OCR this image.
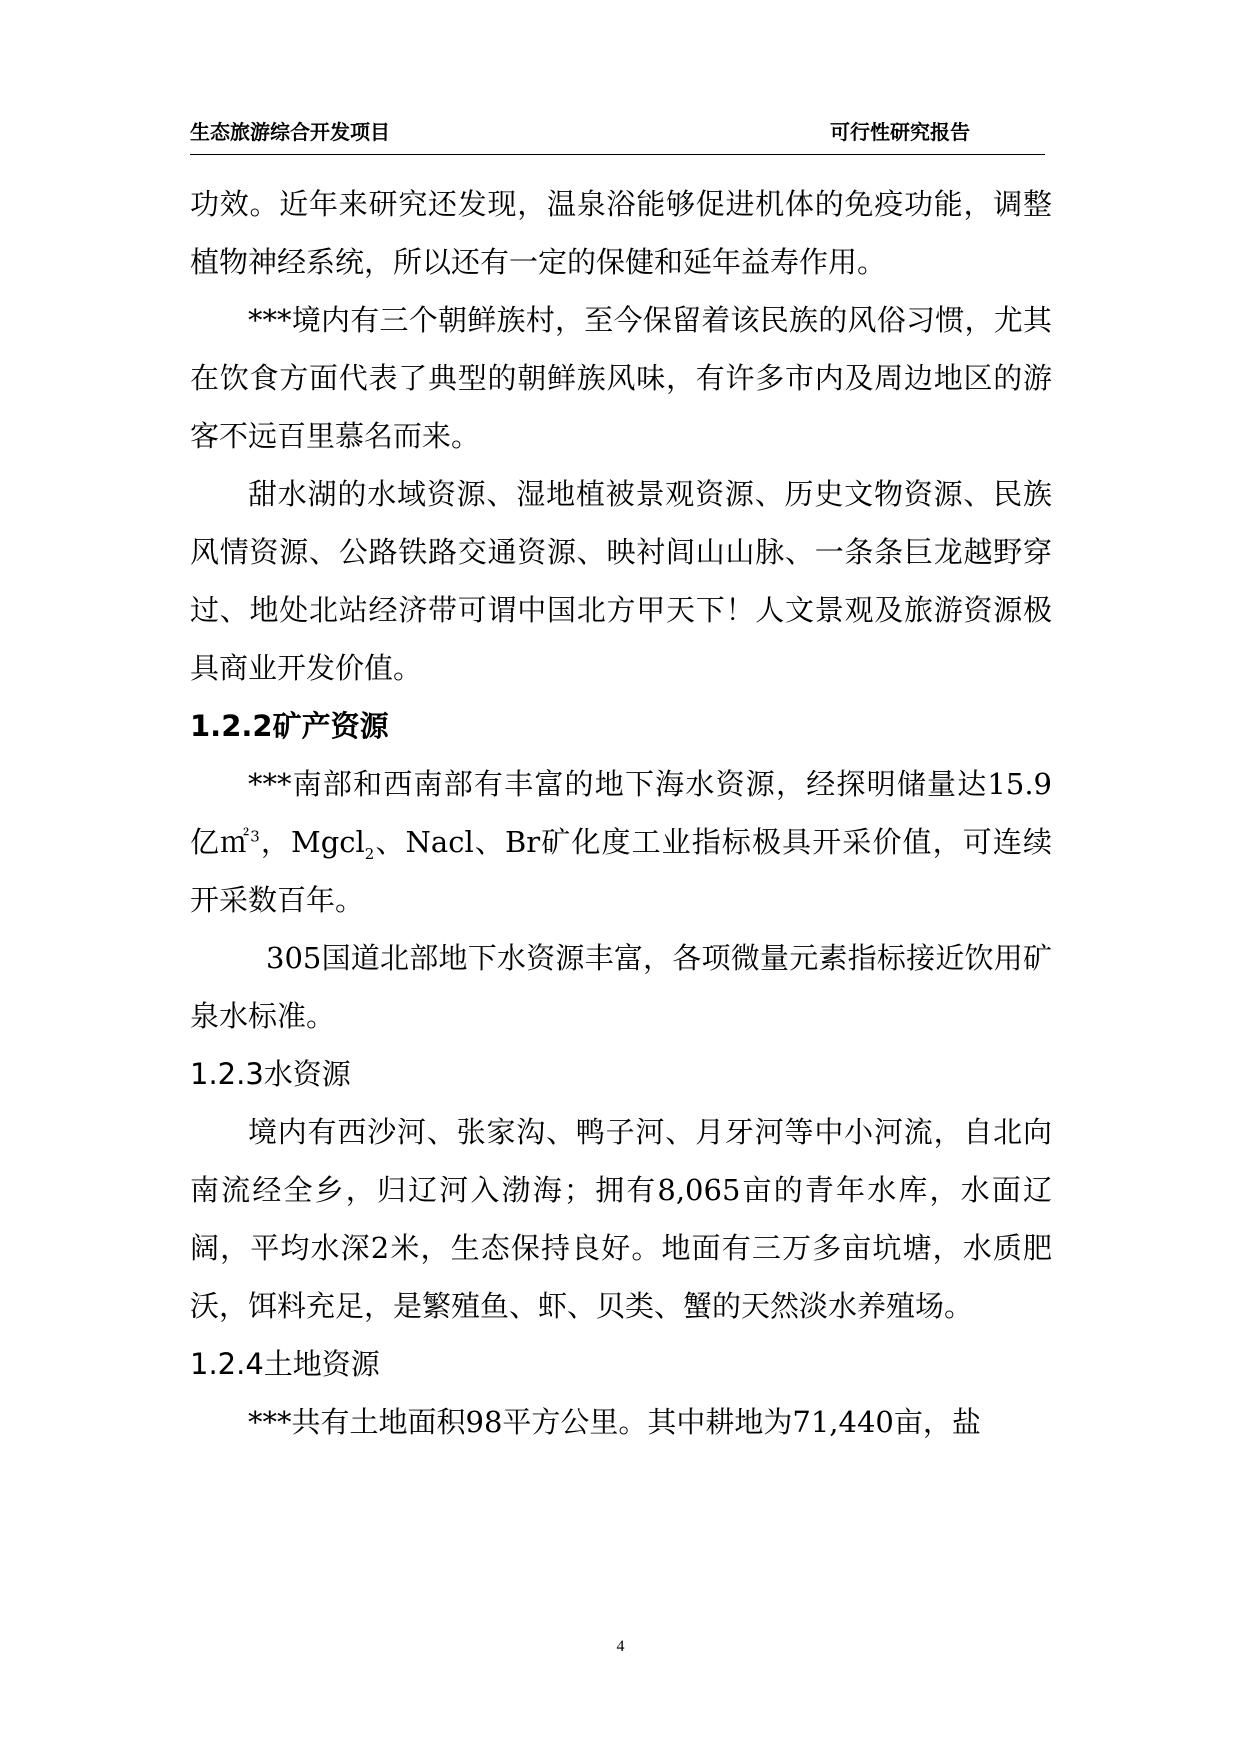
生态旅游综合开发项目	可行性研究报告

功效。近年来研究还发现，温泉浴能够促进机体的免疫功能，调整植物神经系统，所以还有一定的保健和延年益寿作用。

***境内有三个朝鲜族村，至今保留着该民族的风俗习惯，尤其在饮食方面代表了典型的朝鲜族风味，有许多市内及周边地区的游客不远百里慕名而来。

甜水湖的水域资源、湿地植被景观资源、历史文物资源、民族风情资源、公路铁路交通资源、映衬闾山山脉、一条条巨龙越野穿过、地处北站经济带可谓中国北方甲天下！人文景观及旅游资源极具商业开发价值。

1.2.2矿产资源

***南部和西南部有丰富的地下海水资源，经探明储量达15.9亿㎡$^3$，Mgcl$_2$、Nacl、Br矿化度工业指标极具开采价值，可连续开采数百年。

305国道北部地下水资源丰富，各项微量元素指标接近饮用矿泉水标准。

1.2.3水资源

境内有西沙河、张家沟、鸭子河、月牙河等中小河流，自北向南流经全乡，归辽河入渤海；拥有8,065亩的青年水库，水面辽阔，平均水深2米，生态保持良好。地面有三万多亩坑塘，水质肥沃，饵料充足，是繁殖鱼、虾、贝类、蟹的天然淡水养殖场。

1.2.4土地资源

***共有土地面积98平方公里。其中耕地为71,440亩，盐

4
